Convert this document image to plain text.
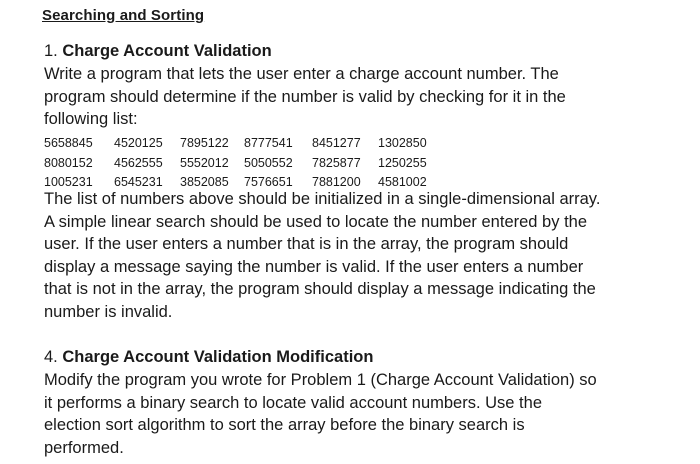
Searching and Sorting
1. Charge Account Validation
Write a program that lets the user enter a charge account number. The
program should determine if the number is valid by checking for it in the
following list:
5658845	4520125	7895122	8777541	8451277	1302850
8080152	4562555	5552012	5050552	7825877	1250255
1005231	6545231	3852085	7576651	7881200	4581002
The list of numbers above should be initialized in a single-dimensional array.
A simple linear search should be used to locate the number entered by the
user. If the user enters a number that is in the array, the program should
display a message saying the number is valid. If the user enters a number
that is not in the array, the program should display a message indicating the
number is invalid.
4. Charge Account Validation Modification
Modify the program you wrote for Problem 1 (Charge Account Validation) so
it performs a binary search to locate valid account numbers. Use the
election sort algorithm to sort the array before the binary search is
performed.
